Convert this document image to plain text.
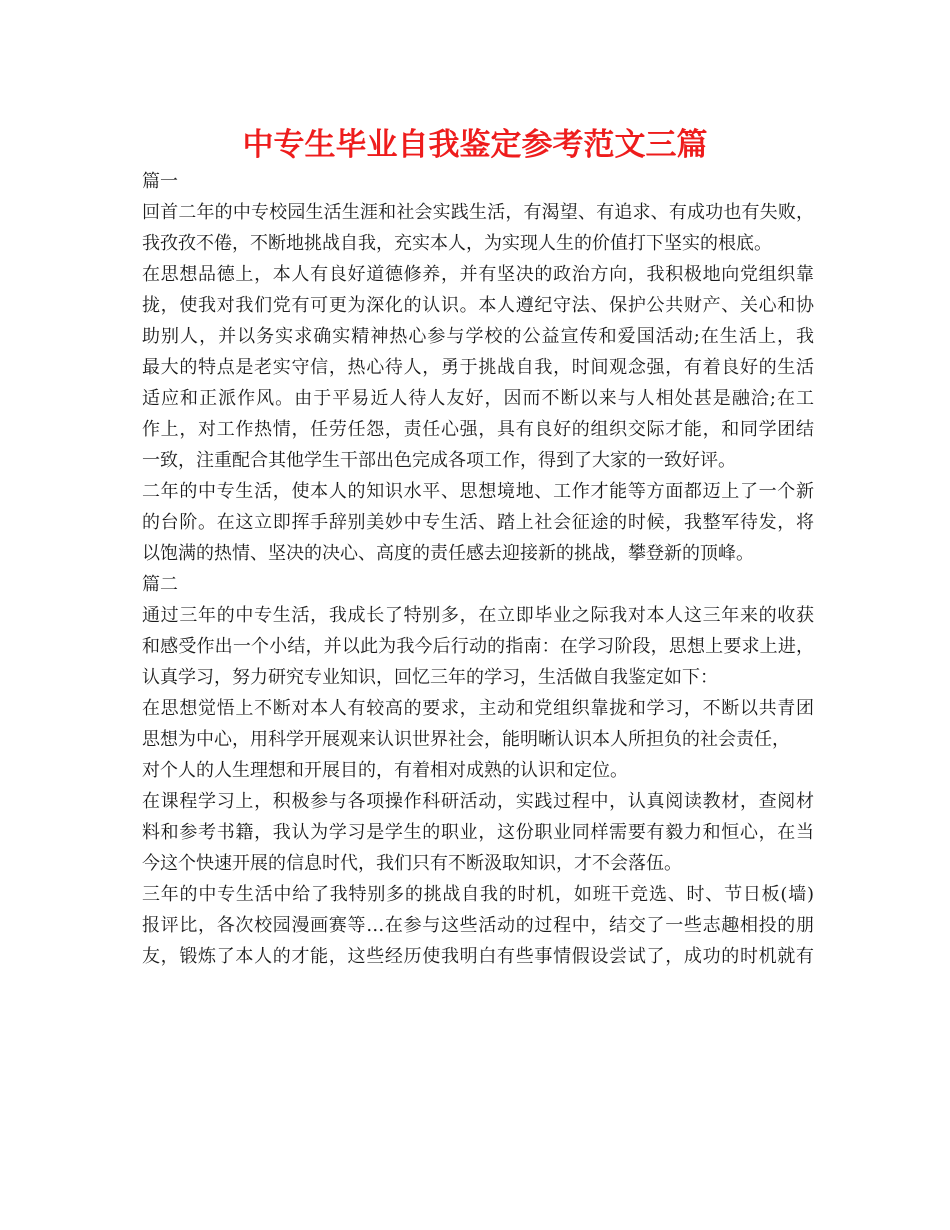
中专生毕业自我鉴定参考范文三篇
篇一
回首二年的中专校园生活生涯和社会实践生活，有渴望、有追求、有成功也有失败，
我孜孜不倦，不断地挑战自我，充实本人，为实现人生的价值打下坚实的根底。
在思想品德上，本人有良好道德修养，并有坚决的政治方向，我积极地向党组织靠
拢，使我对我们党有可更为深化的认识。本人遵纪守法、保护公共财产、关心和协
助别人，并以务实求确实精神热心参与学校的公益宣传和爱国活动;在生活上，我
最大的特点是老实守信，热心待人，勇于挑战自我，时间观念强，有着良好的生活
适应和正派作风。由于平易近人待人友好，因而不断以来与人相处甚是融洽;在工
作上，对工作热情，任劳任怨，责任心强，具有良好的组织交际才能，和同学团结
一致，注重配合其他学生干部出色完成各项工作，得到了大家的一致好评。
二年的中专生活，使本人的知识水平、思想境地、工作才能等方面都迈上了一个新
的台阶。在这立即挥手辞别美妙中专生活、踏上社会征途的时候，我整军待发，将
以饱满的热情、坚决的决心、高度的责任感去迎接新的挑战，攀登新的顶峰。
篇二
通过三年的中专生活，我成长了特别多，在立即毕业之际我对本人这三年来的收获
和感受作出一个小结，并以此为我今后行动的指南：在学习阶段，思想上要求上进，
认真学习，努力研究专业知识，回忆三年的学习，生活做自我鉴定如下：
在思想觉悟上不断对本人有较高的要求，主动和党组织靠拢和学习，不断以共青团
思想为中心，用科学开展观来认识世界社会，能明晰认识本人所担负的社会责任，
对个人的人生理想和开展目的，有着相对成熟的认识和定位。
在课程学习上，积极参与各项操作科研活动，实践过程中，认真阅读教材，查阅材
料和参考书籍，我认为学习是学生的职业，这份职业同样需要有毅力和恒心，在当
今这个快速开展的信息时代，我们只有不断汲取知识，才不会落伍。
三年的中专生活中给了我特别多的挑战自我的时机，如班干竞选、时、节日板(墙)
报评比，各次校园漫画赛等…在参与这些活动的过程中，结交了一些志趣相投的朋
友，锻炼了本人的才能，这些经历使我明白有些事情假设尝试了，成功的时机就有
